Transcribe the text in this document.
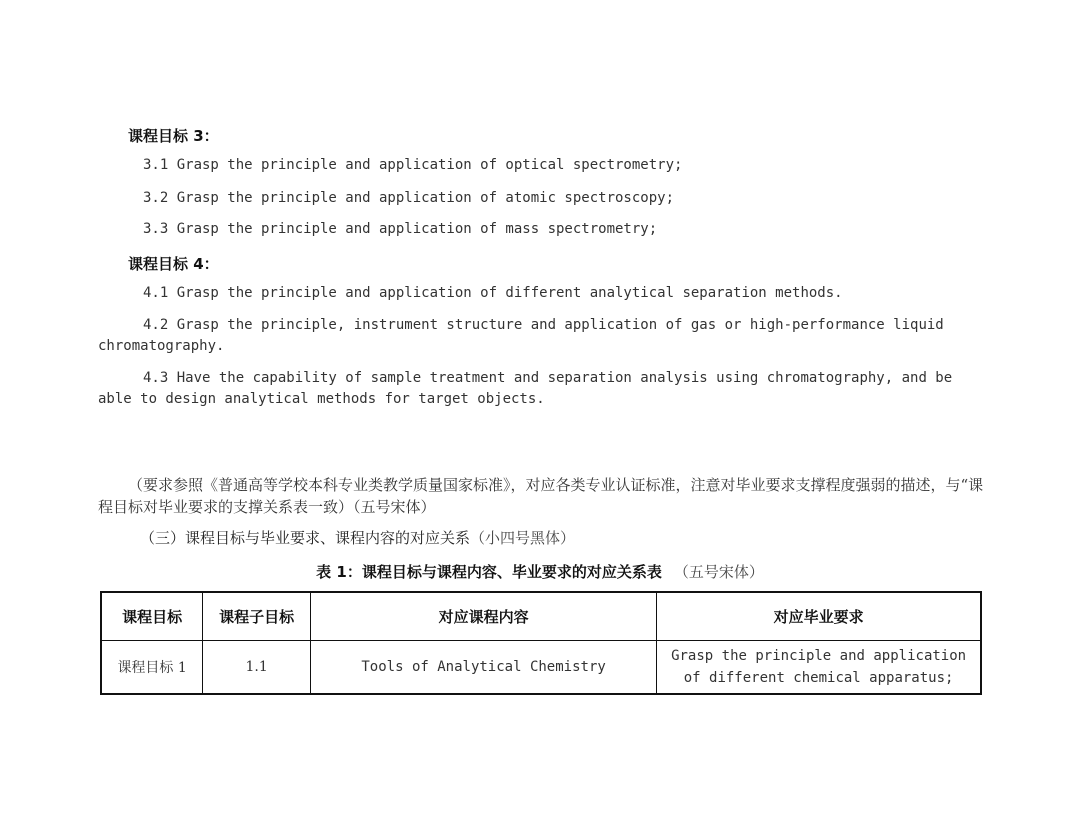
课程目标 3：
3.1 Grasp the principle and application of optical spectrometry;
3.2 Grasp the principle and application of atomic spectroscopy;
3.3 Grasp the principle and application of mass spectrometry;
课程目标 4：
4.1 Grasp the principle and application of different analytical separation methods.
4.2 Grasp the principle, instrument structure and application of gas or high-performance liquid chromatography.
4.3 Have the capability of sample treatment and separation analysis using chromatography, and be able to design analytical methods for target objects.
（要求参照《普通高等学校本科专业类教学质量国家标准》，对应各类专业认证标准，注意对毕业要求支撑程度强弱的描述，与“课程目标对毕业要求的支撑关系表一致）（五号宋体）
（三）课程目标与毕业要求、课程内容的对应关系（小四号黑体）
表 1：课程目标与课程内容、毕业要求的对应关系表 （五号宋体）
课程目标	课程子目标	对应课程内容	对应毕业要求
课程目标 1	1.1	Tools of Analytical Chemistry	Grasp the principle and application of different chemical apparatus;
